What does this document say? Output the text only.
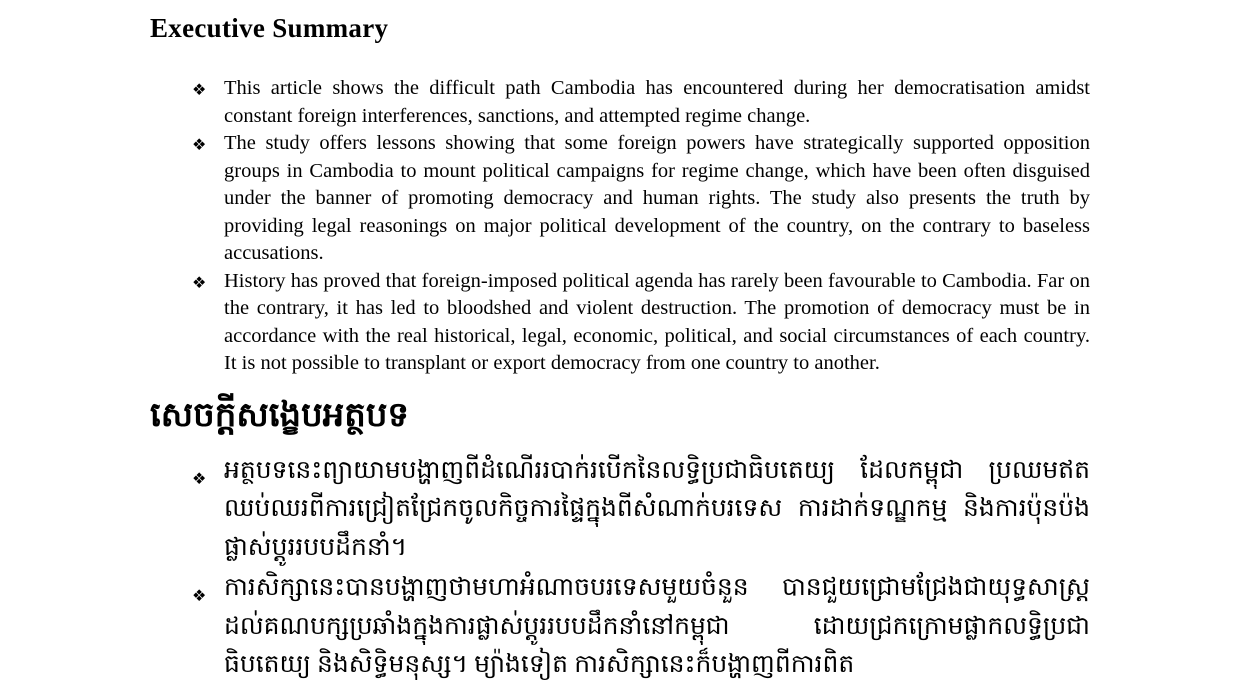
Executive Summary
❖ This article shows the difficult path Cambodia has encountered during her democratisation amidst constant foreign interferences, sanctions, and attempted regime change.
❖ The study offers lessons showing that some foreign powers have strategically supported opposition groups in Cambodia to mount political campaigns for regime change, which have been often disguised under the banner of promoting democracy and human rights. The study also presents the truth by providing legal reasonings on major political development of the country, on the contrary to baseless accusations.
❖ History has proved that foreign-imposed political agenda has rarely been favourable to Cambodia. Far on the contrary, it has led to bloodshed and violent destruction. The promotion of democracy must be in accordance with the real historical, legal, economic, political, and social circumstances of each country. It is not possible to transplant or export democracy from one country to another.
សេចក្តីសង្ខេបអត្ថបទ
❖ អត្ថបទនេះព្យាយាមបង្ហាញពីដំណើររបាក់របើកនៃលទ្ធិប្រជាធិបតេយ្យ ដែលកម្ពុជា ប្រឈមឥតឈប់ឈរពីការជ្រៀតជ្រែកចូលកិច្ចការផ្ទៃក្នុងពីសំណាក់បរទេស ការដាក់ទណ្ឌកម្ម និងការប៉ុនប៉ងផ្លាស់ប្តូររបបដឹកនាំ។
❖ ការសិក្សានេះបានបង្ហាញថាមហាអំណាចបរទេសមួយចំនួន បានជួយជ្រោមជ្រែងជាយុទ្ធសាស្ត្រដល់គណបក្សប្រឆាំងក្នុងការផ្លាស់ប្តូររបបដឹកនាំនៅកម្ពុជា ដោយជ្រកក្រោមផ្លាកលទ្ធិប្រជាធិបតេយ្យ និងសិទ្ធិមនុស្ស។ ម្យ៉ាងទៀត ការសិក្សានេះក៏បង្ហាញពីការពិត
